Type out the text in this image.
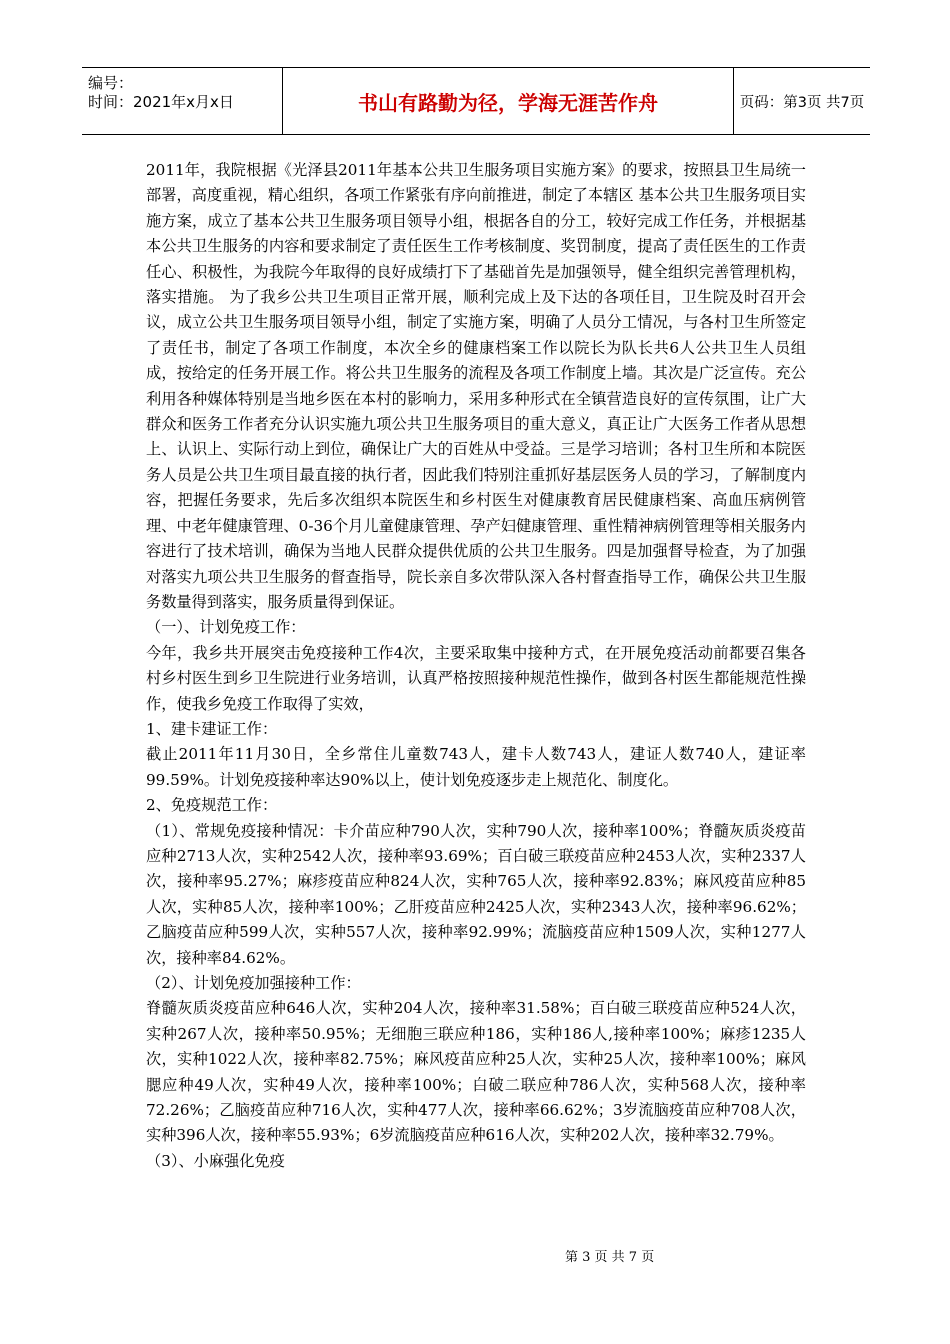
编号：
时间：2021年x月x日	书山有路勤为径，学海无涯苦作舟	页码：第3页 共7页

2011年，我院根据《光泽县2011年基本公共卫生服务项目实施方案》的要求，按照县卫生局统一部署，高度重视，精心组织，各项工作紧张有序向前推进，制定了本辖区 基本公共卫生服务项目实施方案，成立了基本公共卫生服务项目领导小组，根据各自的分工，较好完成工作任务，并根据基本公共卫生服务的内容和要求制定了责任医生工作考核制度、奖罚制度，提高了责任医生的工作责任心、积极性，为我院今年取得的良好成绩打下了基础首先是加强领导，健全组织完善管理机构，落实措施。 为了我乡公共卫生项目正常开展，顺利完成上及下达的各项任目，卫生院及时召开会议，成立公共卫生服务项目领导小组，制定了实施方案，明确了人员分工情况，与各村卫生所签定了责任书，制定了各项工作制度，本次全乡的健康档案工作以院长为队长共6人公共卫生人员组成，按给定的任务开展工作。将公共卫生服务的流程及各项工作制度上墙。其次是广泛宣传。充公利用各种媒体特别是当地乡医在本村的影响力，采用多种形式在全镇营造良好的宣传氛围，让广大群众和医务工作者充分认识实施九项公共卫生服务项目的重大意义，真正让广大医务工作者从思想上、认识上、实际行动上到位，确保让广大的百姓从中受益。三是学习培训；各村卫生所和本院医务人员是公共卫生项目最直接的执行者，因此我们特别注重抓好基层医务人员的学习，了解制度内容，把握任务要求，先后多次组织本院医生和乡村医生对健康教育居民健康档案、高血压病例管理、中老年健康管理、0-36个月儿童健康管理、孕产妇健康管理、重性精神病例管理等相关服务内容进行了技术培训，确保为当地人民群众提供优质的公共卫生服务。四是加强督导检查，为了加强对落实九项公共卫生服务的督查指导，院长亲自多次带队深入各村督查指导工作，确保公共卫生服务数量得到落实，服务质量得到保证。

（一）、计划免疫工作：

今年，我乡共开展突击免疫接种工作4次，主要采取集中接种方式，在开展免疫活动前都要召集各村乡村医生到乡卫生院进行业务培训，认真严格按照接种规范性操作，做到各村医生都能规范性操作，使我乡免疫工作取得了实效，

1、建卡建证工作：

截止2011年11月30日，全乡常住儿童数743人，建卡人数743人，建证人数740人，建证率99.59%。计划免疫接种率达90%以上，使计划免疫逐步走上规范化、制度化。

2、免疫规范工作：

（1）、常规免疫接种情况：卡介苗应种790人次，实种790人次，接种率100%；脊髓灰质炎疫苗应种2713人次，实种2542人次，接种率93.69%；百白破三联疫苗应种2453人次，实种2337人次，接种率95.27%；麻疹疫苗应种824人次，实种765人次，接种率92.83%；麻风疫苗应种85人次，实种85人次，接种率100%；乙肝疫苗应种2425人次，实种2343人次，接种率96.62%；乙脑疫苗应种599人次，实种557人次，接种率92.99%；流脑疫苗应种1509人次，实种1277人次，接种率84.62%。

（2）、计划免疫加强接种工作：

脊髓灰质炎疫苗应种646人次，实种204人次，接种率31.58%；百白破三联疫苗应种524人次，实种267人次，接种率50.95%；无细胞三联应种186，实种186人,接种率100%；麻疹1235人次，实种1022人次，接种率82.75%；麻风疫苗应种25人次，实种25人次，接种率100%；麻风腮应种49人次，实种49人次，接种率100%；白破二联应种786人次，实种568人次，接种率72.26%；乙脑疫苗应种716人次，实种477人次，接种率66.62%；3岁流脑疫苗应种708人次，实种396人次，接种率55.93%；6岁流脑疫苗应种616人次，实种202人次，接种率32.79%。

（3）、小麻强化免疫

第 3 页 共 7 页
